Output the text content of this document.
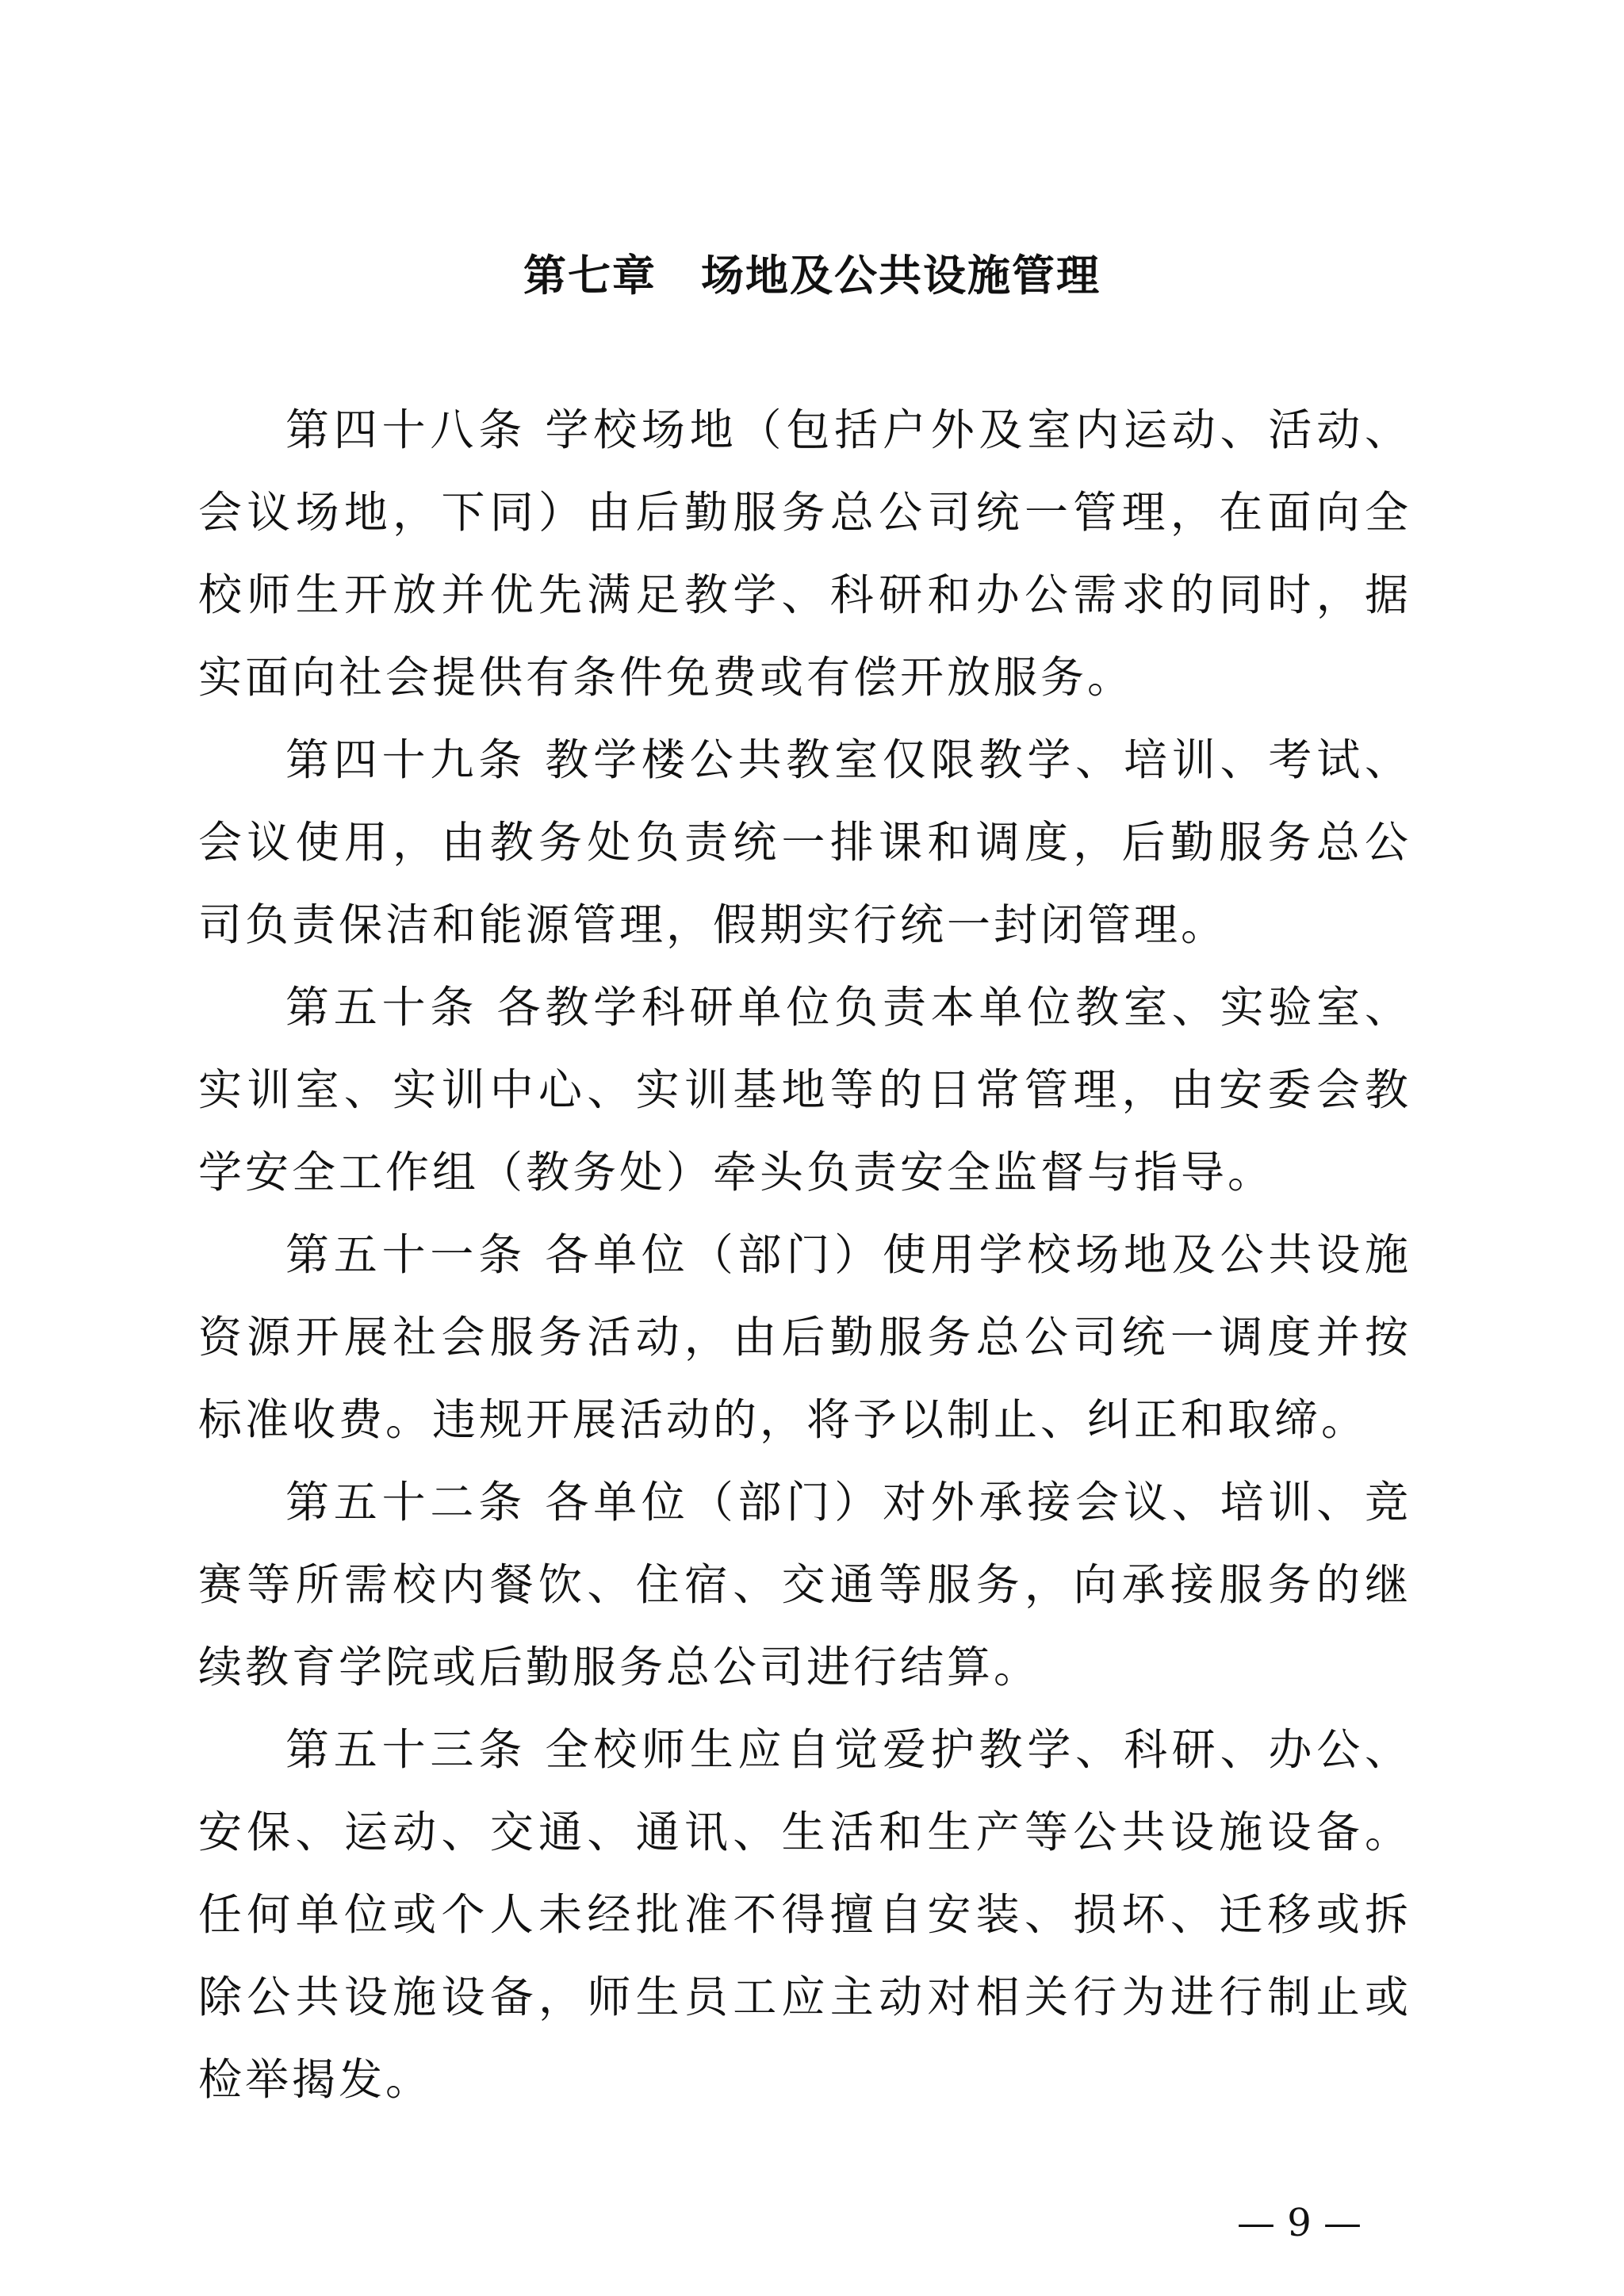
第七章　场地及公共设施管理

第四十八条 学校场地（包括户外及室内运动、活动、会议场地，下同）由后勤服务总公司统一管理，在面向全校师生开放并优先满足教学、科研和办公需求的同时，据实面向社会提供有条件免费或有偿开放服务。

第四十九条 教学楼公共教室仅限教学、培训、考试、会议使用，由教务处负责统一排课和调度，后勤服务总公司负责保洁和能源管理，假期实行统一封闭管理。

第五十条 各教学科研单位负责本单位教室、实验室、实训室、实训中心、实训基地等的日常管理，由安委会教学安全工作组（教务处）牵头负责安全监督与指导。

第五十一条 各单位（部门）使用学校场地及公共设施资源开展社会服务活动，由后勤服务总公司统一调度并按标准收费。违规开展活动的，将予以制止、纠正和取缔。

第五十二条 各单位（部门）对外承接会议、培训、竞赛等所需校内餐饮、住宿、交通等服务，向承接服务的继续教育学院或后勤服务总公司进行结算。

第五十三条 全校师生应自觉爱护教学、科研、办公、安保、运动、交通、通讯、生活和生产等公共设施设备。任何单位或个人未经批准不得擅自安装、损坏、迁移或拆除公共设施设备，师生员工应主动对相关行为进行制止或检举揭发。

— 9 —
